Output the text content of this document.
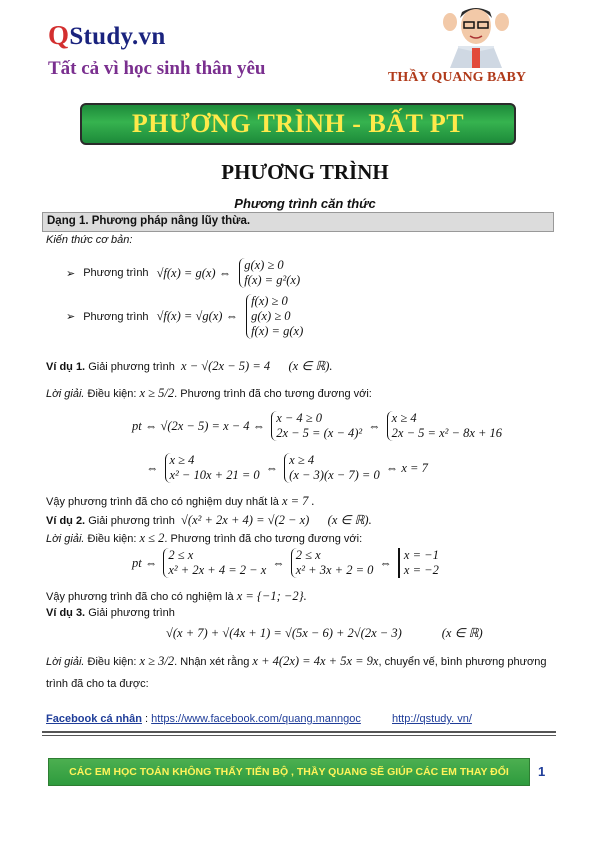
QStudy.vn
Tất cả vì học sinh thân yêu	THẦY QUANG BABY
PHƯƠNG TRÌNH - BẤT PT
PHƯƠNG TRÌNH
Phương trình căn thức
Dạng 1. Phương pháp nâng lũy thừa.
Kiến thức cơ bản:
➢ Phương trình √f(x) = g(x) ⇔
g(x) ≥ 0
f(x) = g²(x)
➢ Phương trình √f(x) = √g(x) ⇔
f(x) ≥ 0
g(x) ≥ 0
f(x) = g(x)
Ví dụ 1. Giải phương trình x − √(2x − 5) = 4 (x ∈ ℝ).
Lời giải. Điều kiện: x ≥ 5/2. Phương trình đã cho tương đương với:
pt ⇔ √(2x − 5) = x − 4 ⇔
x − 4 ≥ 0
2x − 5 = (x − 4)²
⇔
x ≥ 4
2x − 5 = x² − 8x + 16
⇔
x ≥ 4
x² − 10x + 21 = 0
⇔
x ≥ 4
(x − 3)(x − 7) = 0
⇔ x = 7
Vậy phương trình đã cho có nghiệm duy nhất là x = 7 .
Ví dụ 2. Giải phương trình √(x² + 2x + 4) = √(2 − x) (x ∈ ℝ).
Lời giải. Điều kiện: x ≤ 2. Phương trình đã cho tương đương với:
pt ⇔
2 ≤ x
x² + 2x + 4 = 2 − x
⇔
2 ≤ x
x² + 3x + 2 = 0
⇔
x = −1
x = −2
Vậy phương trình đã cho có nghiệm là x = {−1; −2}.
Ví dụ 3. Giải phương trình
√(x + 7) + √(4x + 1) = √(5x − 6) + 2√(2x − 3)	(x ∈ ℝ)
Lời giải. Điều kiện: x ≥ 3/2. Nhận xét rằng x + 4(2x) = 4x + 5x = 9x, chuyển vế, bình phương phương
trình đã cho ta được:
Facebook cá nhân : https://www.facebook.com/quang.manngoc	http://qstudy. vn/
CÁC EM HỌC TOÁN KHÔNG THẤY TIẾN BỘ , THẦY QUANG SẼ GIÚP CÁC EM THAY ĐỔI 1
